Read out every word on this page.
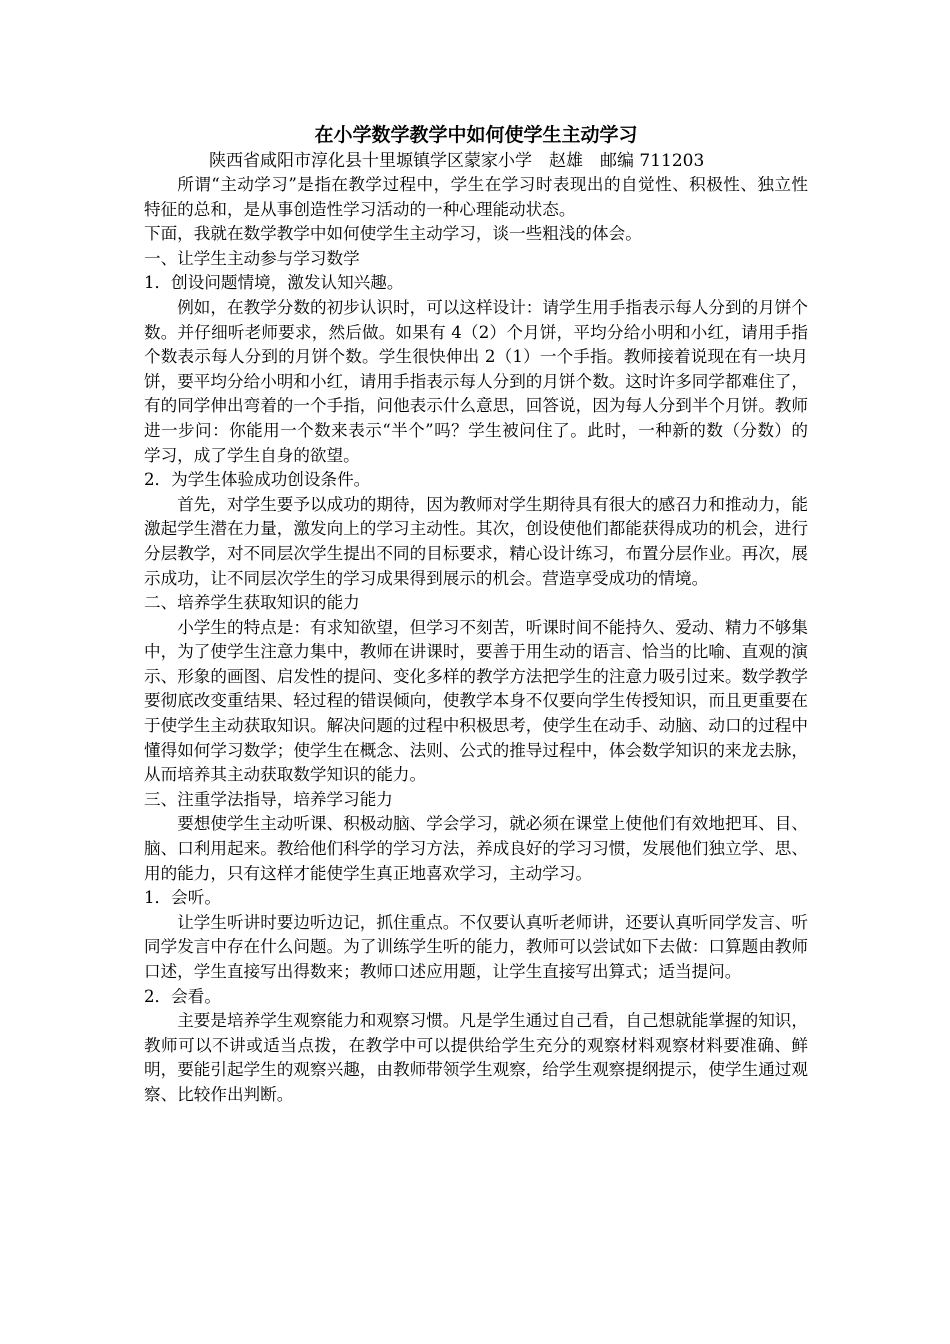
在小学数学教学中如何使学生主动学习
陕西省咸阳市淳化县十里塬镇学区蒙家小学　赵雄　邮编 711203

所谓“主动学习”是指在教学过程中，学生在学习时表现出的自觉性、积极性、独立性特征的总和，是从事创造性学习活动的一种心理能动状态。

下面，我就在数学教学中如何使学生主动学习，谈一些粗浅的体会。

一、让学生主动参与学习数学
1．创设问题情境，激发认知兴趣。

例如，在教学分数的初步认识时，可以这样设计：请学生用手指表示每人分到的月饼个数。并仔细听老师要求，然后做。如果有 4（2）个月饼，平均分给小明和小红，请用手指个数表示每人分到的月饼个数。学生很快伸出 2（1）一个手指。教师接着说现在有一块月饼，要平均分给小明和小红，请用手指表示每人分到的月饼个数。这时许多同学都难住了，有的同学伸出弯着的一个手指，问他表示什么意思，回答说，因为每人分到半个月饼。教师进一步问：你能用一个数来表示“半个”吗？学生被问住了。此时，一种新的数（分数）的学习，成了学生自身的欲望。

2．为学生体验成功创设条件。

首先，对学生要予以成功的期待，因为教师对学生期待具有很大的感召力和推动力，能激起学生潜在力量，激发向上的学习主动性。其次，创设使他们都能获得成功的机会，进行分层教学，对不同层次学生提出不同的目标要求，精心设计练习，布置分层作业。再次，展示成功，让不同层次学生的学习成果得到展示的机会。营造享受成功的情境。

二、培养学生获取知识的能力

小学生的特点是：有求知欲望，但学习不刻苦，听课时间不能持久、爱动、精力不够集中，为了使学生注意力集中，教师在讲课时，要善于用生动的语言、恰当的比喻、直观的演示、形象的画图、启发性的提问、变化多样的教学方法把学生的注意力吸引过来。数学教学要彻底改变重结果、轻过程的错误倾向，使教学本身不仅要向学生传授知识，而且更重要在于使学生主动获取知识。解决问题的过程中积极思考，使学生在动手、动脑、动口的过程中懂得如何学习数学；使学生在概念、法则、公式的推导过程中，体会数学知识的来龙去脉，从而培养其主动获取数学知识的能力。

三、注重学法指导，培养学习能力

要想使学生主动听课、积极动脑、学会学习，就必须在课堂上使他们有效地把耳、目、脑、口利用起来。教给他们科学的学习方法，养成良好的学习习惯，发展他们独立学、思、用的能力，只有这样才能使学生真正地喜欢学习，主动学习。

1．会听。

让学生听讲时要边听边记，抓住重点。不仅要认真听老师讲，还要认真听同学发言、听同学发言中存在什么问题。为了训练学生听的能力，教师可以尝试如下去做：口算题由教师口述，学生直接写出得数来；教师口述应用题，让学生直接写出算式；适当提问。

2．会看。

主要是培养学生观察能力和观察习惯。凡是学生通过自己看，自己想就能掌握的知识，教师可以不讲或适当点拨，在教学中可以提供给学生充分的观察材料观察材料要准确、鲜明，要能引起学生的观察兴趣，由教师带领学生观察，给学生观察提纲提示，使学生通过观察、比较作出判断。
